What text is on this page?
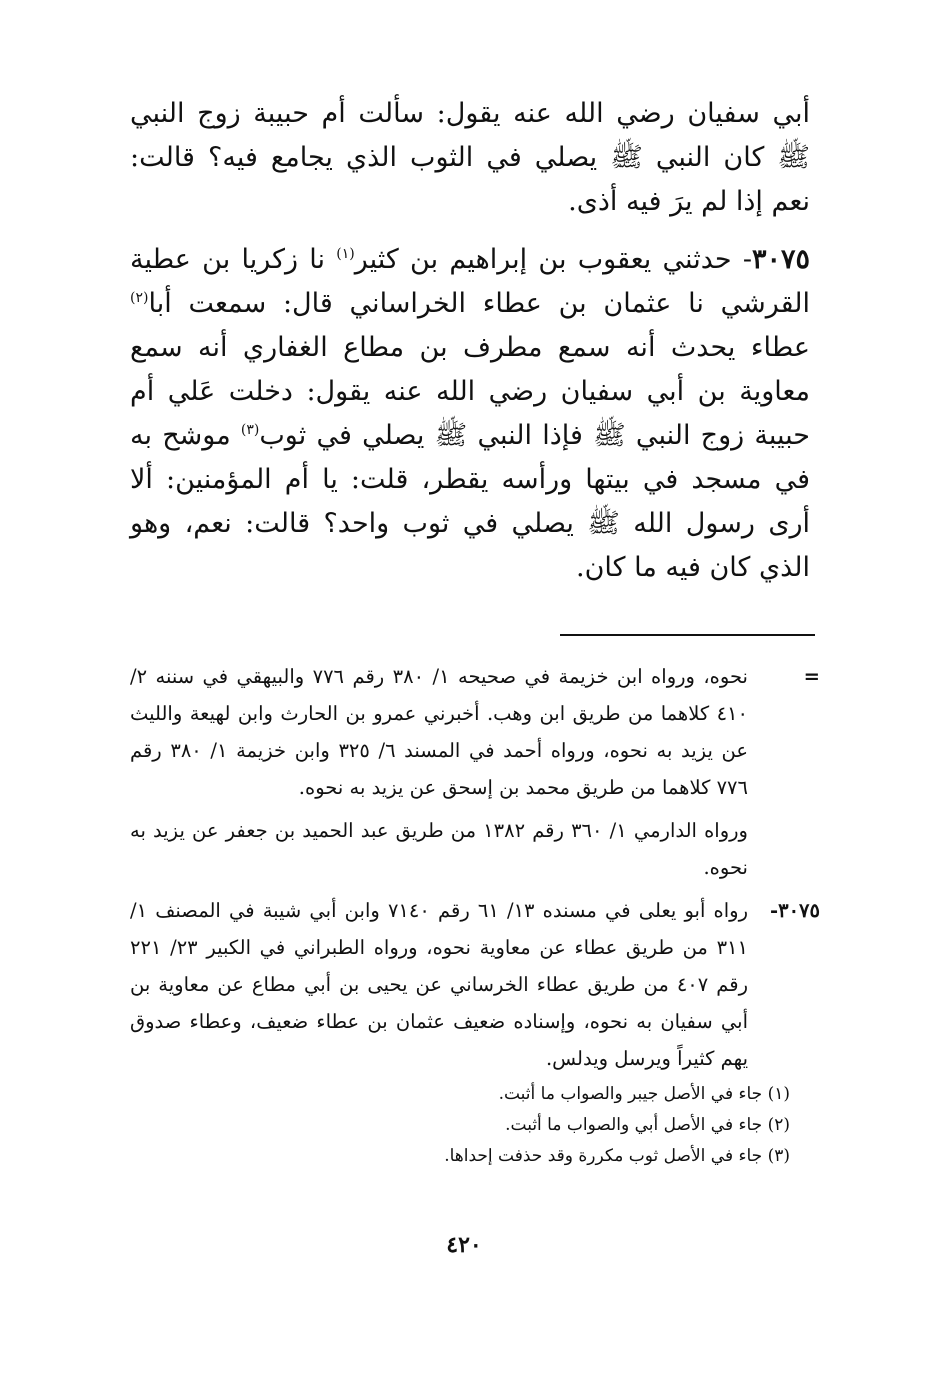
أبي سفيان رضي الله عنه يقول: سألت أم حبيبة زوج النبي ﷺ كان النبي ﷺ يصلي في الثوب الذي يجامع فيه؟ قالت: نعم إذا لم يرَ فيه أذى.

٣٠٧٥- حدثني يعقوب بن إبراهيم بن كثير$^{(١)}$ نا زكريا بن عطية القرشي نا عثمان بن عطاء الخراساني قال: سمعت أبا$^{(٢)}$ عطاء يحدث أنه سمع مطرف بن مطاع الغفاري أنه سمع معاوية بن أبي سفيان رضي الله عنه يقول: دخلت عَلي أم حبيبة زوج النبي ﷺ فإذا النبي ﷺ يصلي في ثوب$^{(٣)}$ موشح به في مسجد في بيتها ورأسه يقطر، قلت: يا أم المؤمنين: ألا أرى رسول الله ﷺ يصلي في ثوب واحد؟ قالت: نعم، وهو الذي كان فيه ما كان.

=
نحوه، ورواه ابن خزيمة في صحيحه ١/ ٣٨٠ رقم ٧٧٦ والبيهقي في سننه ٢/ ٤١٠ كلاهما من طريق ابن وهب. أخبرني عمرو بن الحارث وابن لهيعة والليث عن يزيد به نحوه، ورواه أحمد في المسند ٦/ ٣٢٥ وابن خزيمة ١/ ٣٨٠ رقم ٧٧٦ كلاهما من طريق محمد بن إسحق عن يزيد به نحوه.
ورواه الدارمي ١/ ٣٦٠ رقم ١٣٨٢ من طريق عبد الحميد بن جعفر عن يزيد به نحوه.
٣٠٧٥-
رواه أبو يعلى في مسنده ١٣/ ٦١ رقم ٧١٤٠ وابن أبي شيبة في المصنف ١/ ٣١١ من طريق عطاء عن معاوية نحوه، ورواه الطبراني في الكبير ٢٣/ ٢٢١ رقم ٤٠٧ من طريق عطاء الخرساني عن يحيى بن أبي مطاع عن معاوية بن أبي سفيان به نحوه، وإسناده ضعيف عثمان بن عطاء ضعيف، وعطاء صدوق يهم كثيراً ويرسل ويدلس.
(١) جاء في الأصل جيبر والصواب ما أثبت.
(٢) جاء في الأصل أبي والصواب ما أثبت.
(٣) جاء في الأصل ثوب مكررة وقد حذفت إحداها.
٤٢٠
